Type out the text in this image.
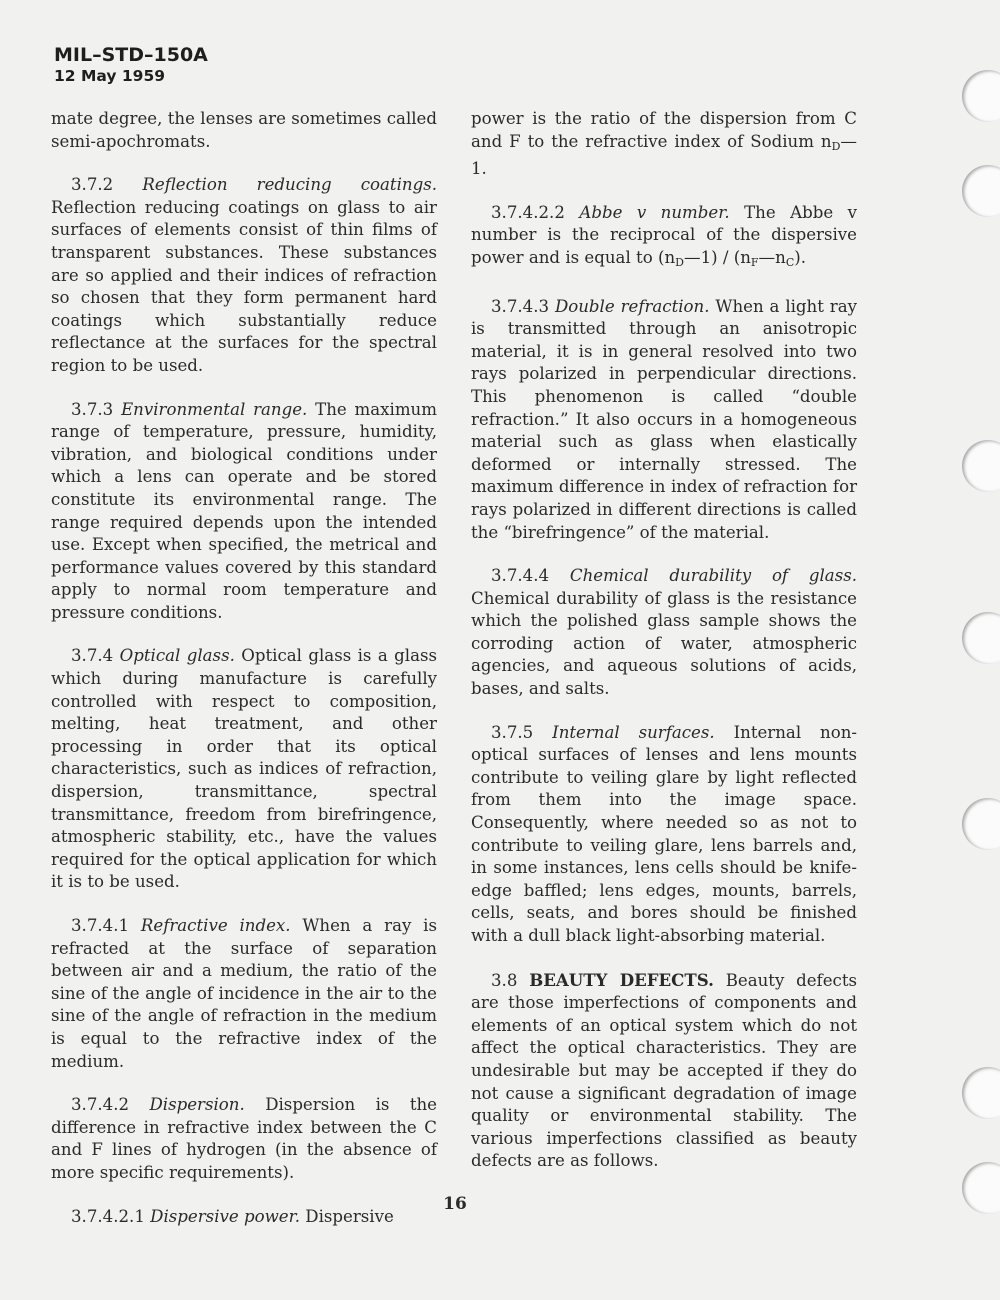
MIL–STD–150A
12 May 1959

mate degree, the lenses are sometimes called semi-apochromats.

3.7.2 Reflection reducing coatings. Reflection reducing coatings on glass to air surfaces of elements consist of thin films of transparent substances. These substances are so applied and their indices of refraction so chosen that they form permanent hard coatings which substantially reduce reflectance at the surfaces for the spectral region to be used.

3.7.3 Environmental range. The maximum range of temperature, pressure, humidity, vibration, and biological conditions under which a lens can operate and be stored constitute its environmental range. The range required depends upon the intended use. Except when specified, the metrical and performance values covered by this standard apply to normal room temperature and pressure conditions.

3.7.4 Optical glass. Optical glass is a glass which during manufacture is carefully controlled with respect to composition, melting, heat treatment, and other processing in order that its optical characteristics, such as indices of refraction, dispersion, transmittance, spectral transmittance, freedom from birefringence, atmospheric stability, etc., have the values required for the optical application for which it is to be used.

3.7.4.1 Refractive index. When a ray is refracted at the surface of separation between air and a medium, the ratio of the sine of the angle of incidence in the air to the sine of the angle of refraction in the medium is equal to the refractive index of the medium.

3.7.4.2 Dispersion. Dispersion is the difference in refractive index between the C and F lines of hydrogen (in the absence of more specific requirements).

3.7.4.2.1 Dispersive power. Dispersive

power is the ratio of the dispersion from C and F to the refractive index of Sodium $n_D—1$.

3.7.4.2.2 Abbe v number. The Abbe v number is the reciprocal of the dispersive power and is equal to $(n_D—1)$ / $(n_F—n_C)$.

3.7.4.3 Double refraction. When a light ray is transmitted through an anisotropic material, it is in general resolved into two rays polarized in perpendicular directions. This phenomenon is called “double refraction.” It also occurs in a homogeneous material such as glass when elastically deformed or internally stressed. The maximum difference in index of refraction for rays polarized in different directions is called the “birefringence” of the material.

3.7.4.4 Chemical durability of glass. Chemical durability of glass is the resistance which the polished glass sample shows the corroding action of water, atmospheric agencies, and aqueous solutions of acids, bases, and salts.

3.7.5 Internal surfaces. Internal non-optical surfaces of lenses and lens mounts contribute to veiling glare by light reflected from them into the image space. Consequently, where needed so as not to contribute to veiling glare, lens barrels and, in some instances, lens cells should be knife-edge baffled; lens edges, mounts, barrels, cells, seats, and bores should be finished with a dull black light-absorbing material.

3.8 BEAUTY DEFECTS. Beauty defects are those imperfections of components and elements of an optical system which do not affect the optical characteristics. They are undesirable but may be accepted if they do not cause a significant degradation of image quality or environmental stability. The various imperfections classified as beauty defects are as follows.

16
